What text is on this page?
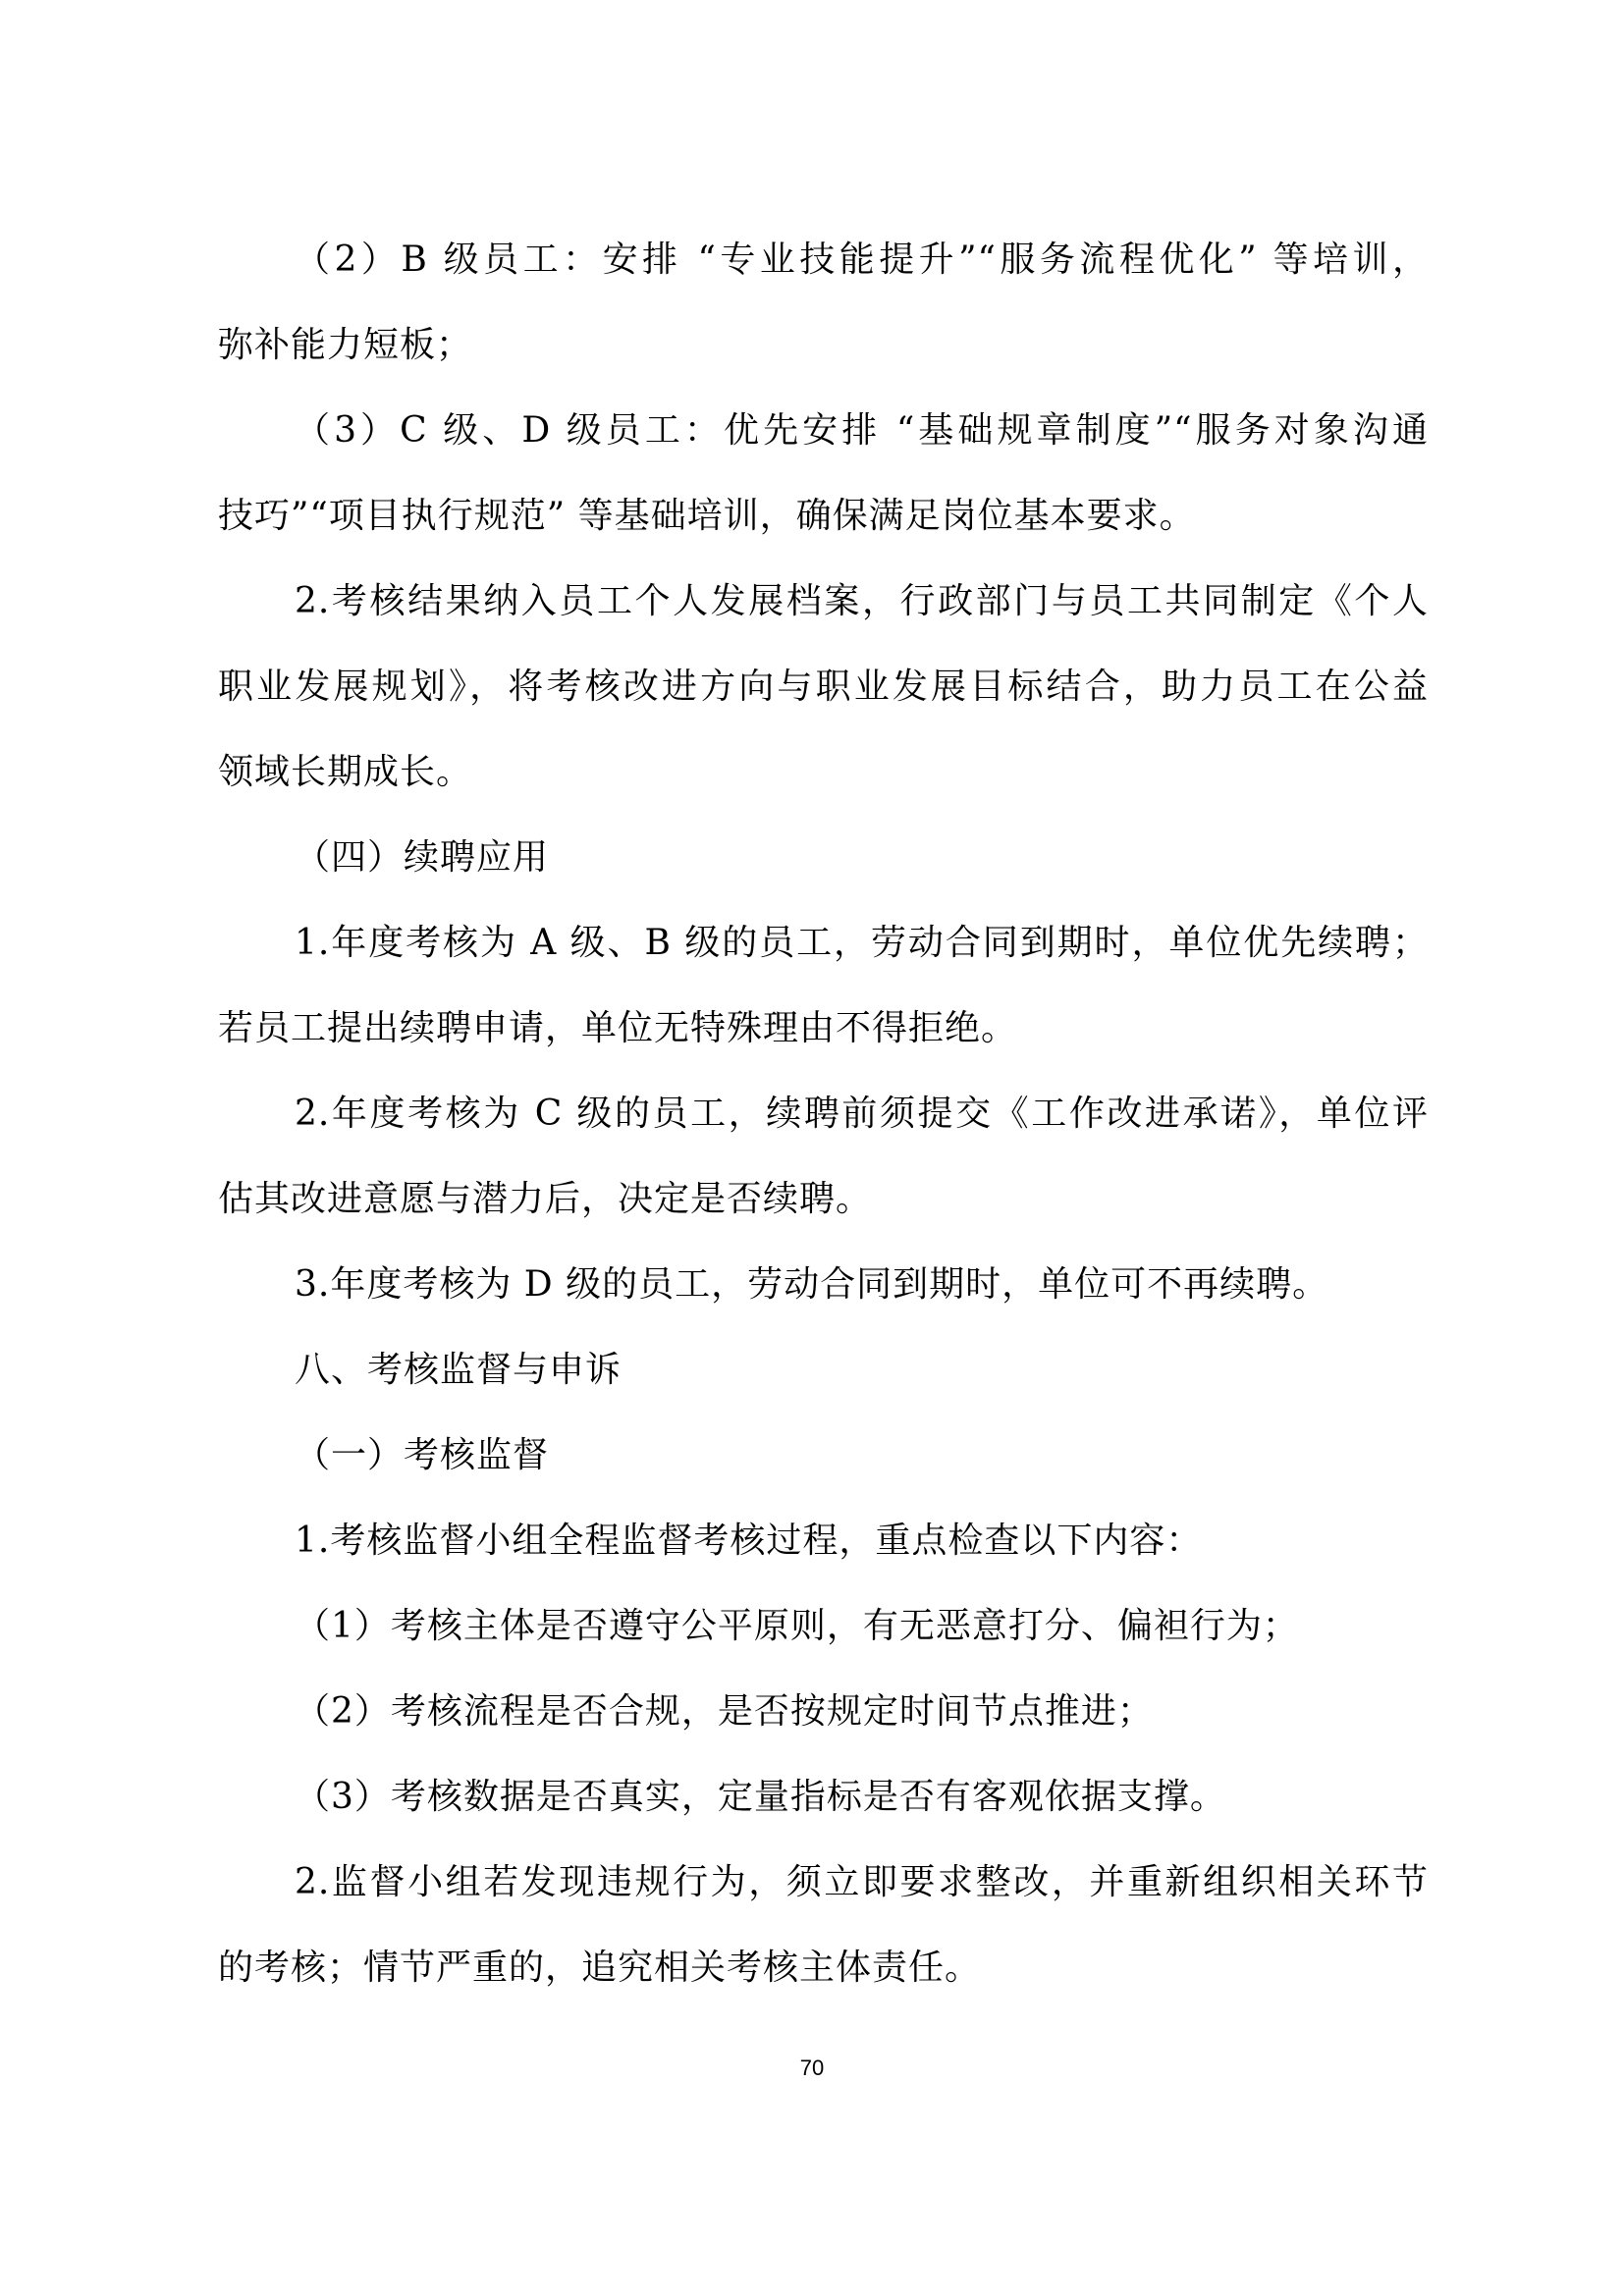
（2）B 级员工：安排 “专业技能提升”“服务流程优化” 等培训，
弥补能力短板；
（3）C 级、D 级员工：优先安排 “基础规章制度”“服务对象沟通
技巧”“项目执行规范” 等基础培训，确保满足岗位基本要求。
2.考核结果纳入员工个人发展档案，行政部门与员工共同制定《个人
职业发展规划》，将考核改进方向与职业发展目标结合，助力员工在公益
领域长期成长。
（四）续聘应用
1.年度考核为 A 级、B 级的员工，劳动合同到期时，单位优先续聘；
若员工提出续聘申请，单位无特殊理由不得拒绝。
2.年度考核为 C 级的员工，续聘前须提交《工作改进承诺》，单位评
估其改进意愿与潜力后，决定是否续聘。
3.年度考核为 D 级的员工，劳动合同到期时，单位可不再续聘。
八、考核监督与申诉
（一）考核监督
1.考核监督小组全程监督考核过程，重点检查以下内容：
（1）考核主体是否遵守公平原则，有无恶意打分、偏袒行为；
（2）考核流程是否合规，是否按规定时间节点推进；
（3）考核数据是否真实，定量指标是否有客观依据支撑。
2.监督小组若发现违规行为，须立即要求整改，并重新组织相关环节
的考核；情节严重的，追究相关考核主体责任。
70
